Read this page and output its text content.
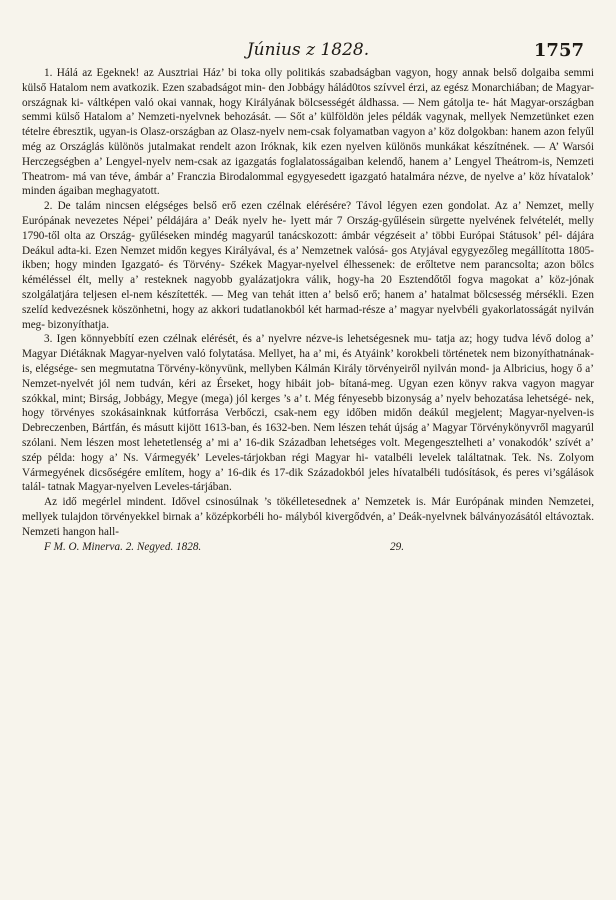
Június z 1828.	1757

1. Hálá az Egeknek! az Ausztriai Ház’ bi toka olly politikás szabadságban vagyon, hogy annak belső dolgaiba semmi külső Hatalom nem avatkozik. Ezen szabadságot min- den Jobbágy hálád0tos szívvel érzi, az egész Monarchiában; de Magyar-országnak ki- váltképen való okai vannak, hogy Királyának bölcsességét áldhassa. — Nem gátolja te- hát Magyar-országban semmi külső Hatalom a’ Nemzeti-nyelvnek behozását. — Sőt a’ külföldön jeles példák vagynak, mellyek Nemzetünket ezen tételre ébresztik, ugyan-is Olasz-országban az Olasz-nyelv nem-csak folyamatban vagyon a’ köz dolgokban: hanem azon felyűl még az Országlás különös jutalmakat rendelt azon Iróknak, kik ezen nyelven különös munkákat készítnének. — A’ Warsói Herczegségben a’ Lengyel-nyelv nem-csak az igazgatás foglalatosságaiban kelendő, hanem a’ Lengyel Theátrom-is, Nemzeti Theatrom- má van téve, ámbár a’ Franczia Birodalommal egygyesedett igazgató hatalmára nézve, de nyelve a’ köz hívatalok’ minden ágaiban meghagyatott.

2. De talám nincsen elégséges belső erő ezen czélnak elérésére? Távol légyen ezen gondolat. Az a’ Nemzet, melly Európának nevezetes Népei’ példájára a’ Deák nyelv he- lyett már 7 Ország-gyűlésein sürgette nyelvének felvételét, melly 1790-től olta az Ország- gyűléseken mindég magyarúl tanácskozott: ámbár végzéseit a’ többi Európai Státusok’ pél- dájára Deákul adta-ki. Ezen Nemzet midőn kegyes Királyával, és a’ Nemzetnek valósá- gos Atyjával egygyezőleg megállította 1805-ikben; hogy minden Igazgató- és Törvény- Székek Magyar-nyelvel élhessenek: de erőltetve nem parancsolta; azon bölcs kéméléssel élt, melly a’ resteknek nagyobb gyalázatjokra válik, hogy-ha 20 Esztendőtől fogva magokat a’ köz-jónak szolgálatjára teljesen el-nem készítették. — Meg van tehát itten a’ belső erő; hanem a’ hatalmat bölcsesség mérsékli. Ezen szelíd kedvezésnek köszönhetni, hogy az akkori tudatlanokból két harmad-része a’ magyar nyelvbéli gyakorlatosságát nyilván meg- bizonyíthatja.

3. Igen könnyebbítí ezen czélnak elérését, és a’ nyelvre nézve-is lehetségesnek mu- tatja az; hogy tudva lévő dolog a’ Magyar Diétáknak Magyar-nyelven való folytatása. Mellyet, ha a’ mi, és Atyáink’ korokbeli történetek nem bizonyíthatnának-is, elégsége- sen megmutatna Törvény-könyvünk, mellyben Kálmán Király törvényeiről nyilván mond- ja Albricius, hogy ő a’ Nemzet-nyelvét jól nem tudván, kéri az Érseket, hogy hibáit job- bítaná-meg. Ugyan ezen könyv rakva vagyon magyar szókkal, mint; Birság, Jobbágy, Megye (mega) jól kerges ’s a’ t. Még fényesebb bizonyság a’ nyelv behozatása lehetségé- nek, hogy törvényes szokásainknak kútforrása Verbőczi, csak-nem egy időben midőn deákúl megjelent; Magyar-nyelven-is Debreczenben, Bártfán, és másutt kijött 1613-ban, és 1632-ben. Nem lészen tehát újság a’ Magyar Törvénykönyvről magyarúl szólani. Nem lészen most lehetetlenség a’ mi a’ 16-dik Században lehetséges volt. Megengesztelheti a’ vonakodók’ szívét a’ szép példa: hogy a’ Ns. Vármegyék’ Leveles-tárjokban régi Magyar hi- vatalbéli levelek találtatnak. Tek. Ns. Zolyom Vármegyének dicsőségére említem, hogy a’ 16-dik és 17-dik Századokból jeles hívatalbéli tudósítások, és peres vi’sgálások talál- tatnak Magyar-nyelven Leveles-tárjában.

Az idő megérlel mindent. Idővel csinosúlnak ’s tökélletesednek a’ Nemzetek is. Már Európának minden Nemzetei, mellyek tulajdon törvényekkel birnak a’ középkorbéli ho- mályból kivergődvén, a’ Deák-nyelvnek bálványozásától eltávoztak. Nemzeti hangon hall-

F M. O. Minerva. 2. Negyed. 1828.	29.
